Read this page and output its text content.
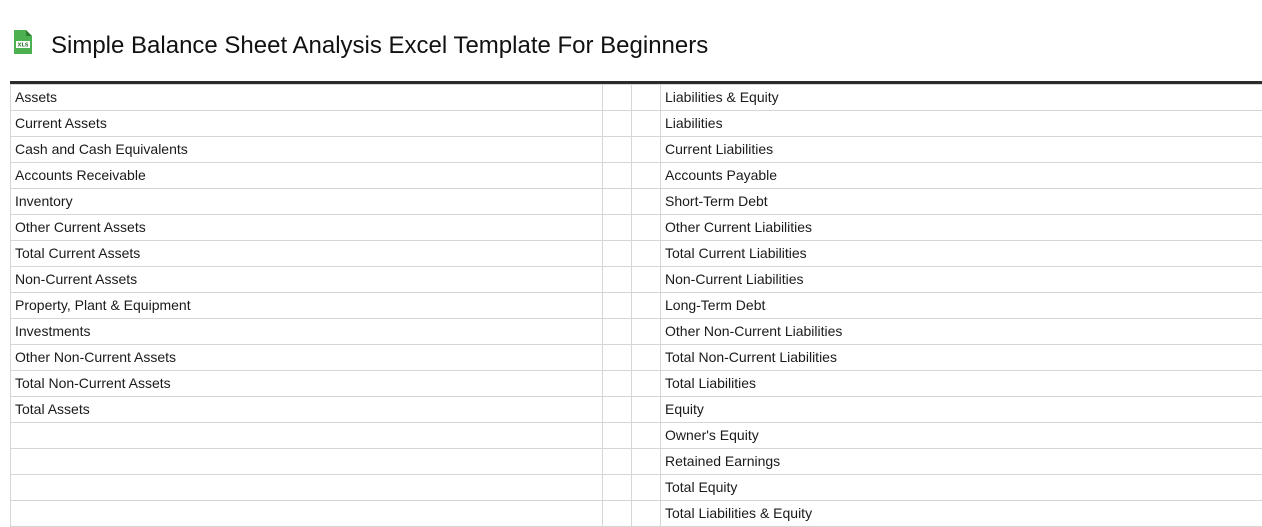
XLS Simple Balance Sheet Analysis Excel Template For Beginners
Assets			Liabilities & Equity
Current Assets			Liabilities
Cash and Cash Equivalents			Current Liabilities
Accounts Receivable			Accounts Payable
Inventory			Short-Term Debt
Other Current Assets			Other Current Liabilities
Total Current Assets			Total Current Liabilities
Non-Current Assets			Non-Current Liabilities
Property, Plant & Equipment			Long-Term Debt
Investments			Other Non-Current Liabilities
Other Non-Current Assets			Total Non-Current Liabilities
Total Non-Current Assets			Total Liabilities
Total Assets			Equity
			Owner's Equity
			Retained Earnings
			Total Equity
			Total Liabilities & Equity
